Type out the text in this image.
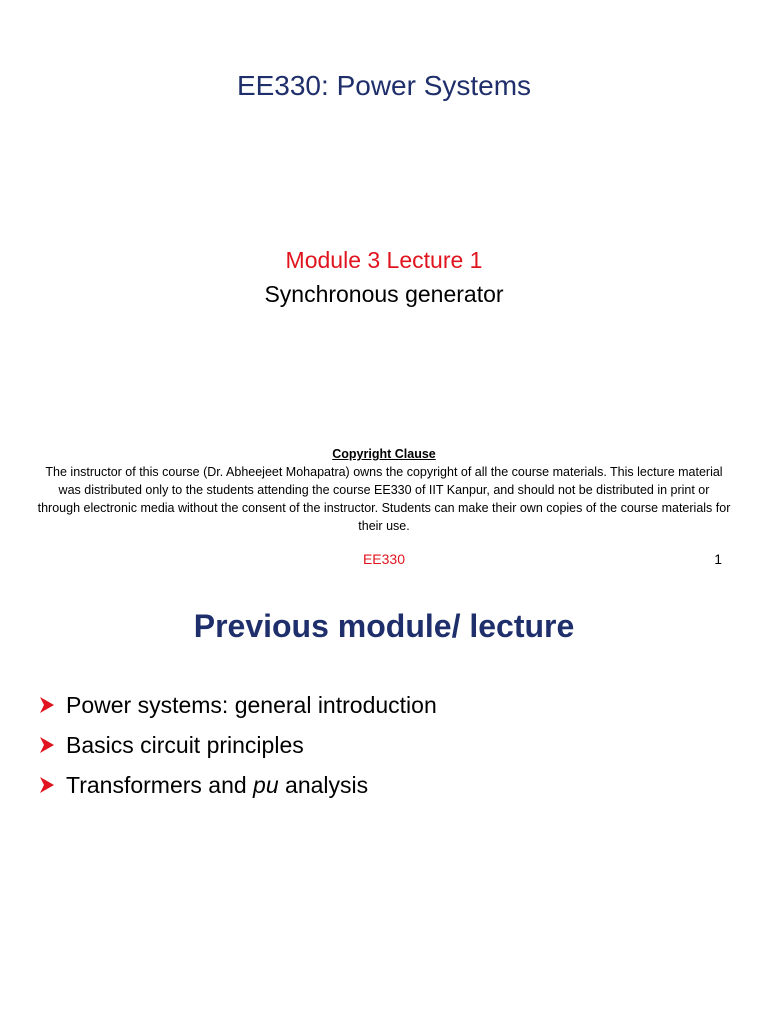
EE330: Power Systems
Module 3 Lecture 1
Synchronous generator
Copyright Clause
The instructor of this course (Dr. Abheejeet Mohapatra) owns the copyright of all the course materials. This lecture material was distributed only to the students attending the course EE330 of IIT Kanpur, and should not be distributed in print or through electronic media without the consent of the instructor. Students can make their own copies of the course materials for their use.
EE330	1
Previous module/ lecture
Power systems: general introduction
Basics circuit principles
Transformers and pu analysis
